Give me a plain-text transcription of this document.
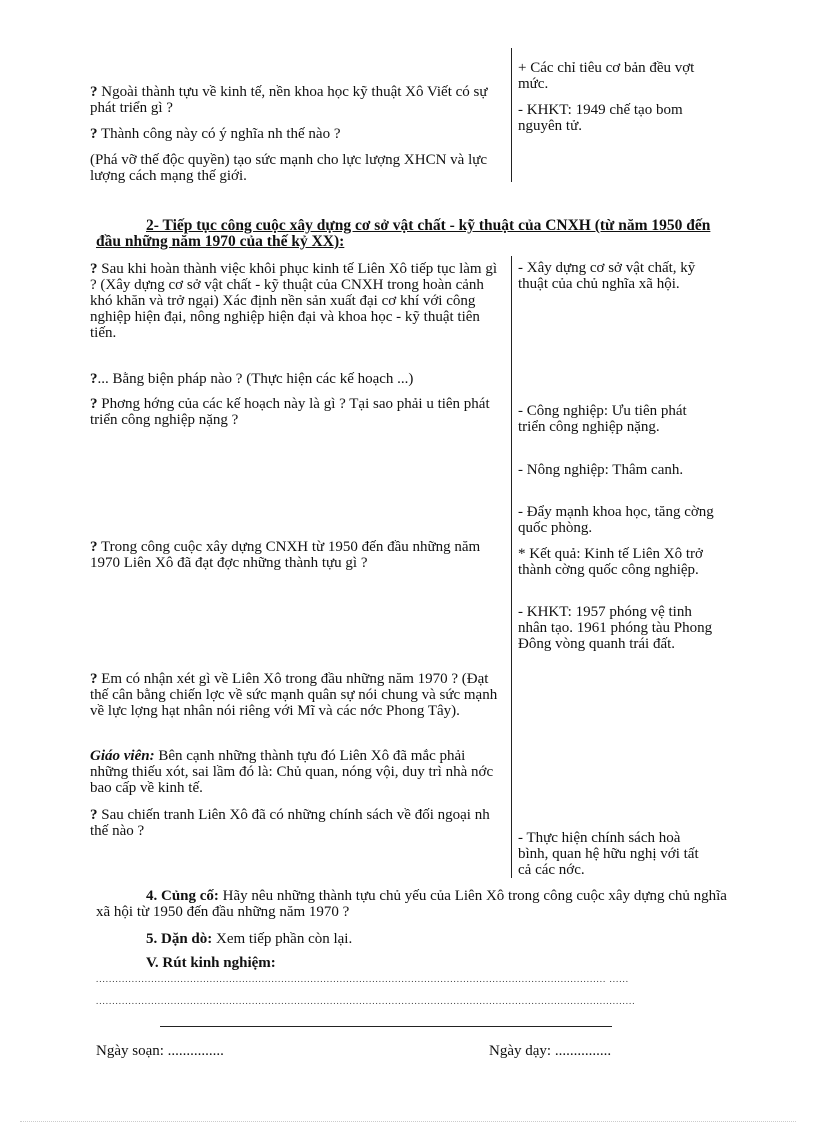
? Ngoài thành tựu về kinh tế, nền khoa học kỹ thuật Xô Viết có sự phát triển gì ?
? Thành công này có ý nghĩa nh thế nào ?
(Phá vỡ thế độc quyền) tạo sức mạnh cho lực lượng XHCN và lực lượng cách mạng thế giới.
+ Các chỉ tiêu cơ bản đều vợt mức.
- KHKT: 1949 chế tạo bom nguyên tử.
2- Tiếp tục công cuộc xây dựng cơ sở vật chất - kỹ thuật của CNXH (từ năm 1950 đến đầu những năm 1970 của thế kỷ XX):
? Sau khi hoàn thành việc khôi phục kinh tế Liên Xô tiếp tục làm gì ? (Xây dựng cơ sở vật chất - kỹ thuật của CNXH trong hoàn cảnh khó khăn và trở ngại) Xác định nền sản xuất đại cơ khí với công nghiệp hiện đại, nông nghiệp hiện đại và khoa học - kỹ thuật tiên tiến.
?... Bằng biện pháp nào ? (Thực hiện các kế hoạch ...)
? Phơng hớng của các kế hoạch này là gì ? Tại sao phải u tiên phát triển công nghiệp nặng ?
? Trong công cuộc xây dựng CNXH từ 1950 đến đầu những năm 1970 Liên Xô đã đạt đợc những thành tựu gì ?
? Em có nhận xét gì về Liên Xô trong đầu những năm 1970 ? (Đạt thế cân bằng chiến lợc về sức mạnh quân sự nói chung và sức mạnh về lực lợng hạt nhân nói riêng với Mĩ và các nớc Phong Tây).
Giáo viên: Bên cạnh những thành tựu đó Liên Xô đã mắc phải những thiếu xót, sai lầm đó là: Chủ quan, nóng vội, duy trì nhà nớc bao cấp về kinh tế.
? Sau chiến tranh Liên Xô đã có những chính sách về đối ngoại nh thế nào ?
- Xây dựng cơ sở vật chất, kỹ thuật của chủ nghĩa xã hội.
- Công nghiệp: Ưu tiên phát triển công nghiệp nặng.
- Nông nghiệp: Thâm canh.
- Đẩy mạnh khoa học, tăng cờng quốc phòng.
* Kết quả: Kinh tế Liên Xô trở thành cờng quốc công nghiệp.
- KHKT: 1957 phóng vệ tinh nhân tạo. 1961 phóng tàu Phong Đông vòng quanh trái đất.
- Thực hiện chính sách hoà bình, quan hệ hữu nghị với tất cả các nớc.
4. Củng cố: Hãy nêu những thành tựu chủ yếu của Liên Xô trong công cuộc xây dựng chủ nghĩa xã hội từ 1950 đến đầu những năm 1970 ?
5. Dặn dò: Xem tiếp phần còn lại.
V. Rút kinh nghiệm:
............................................................................................................................................................. ......
......................................................................................................................................................................
Ngày soạn: ...............	Ngày dạy: ...............
